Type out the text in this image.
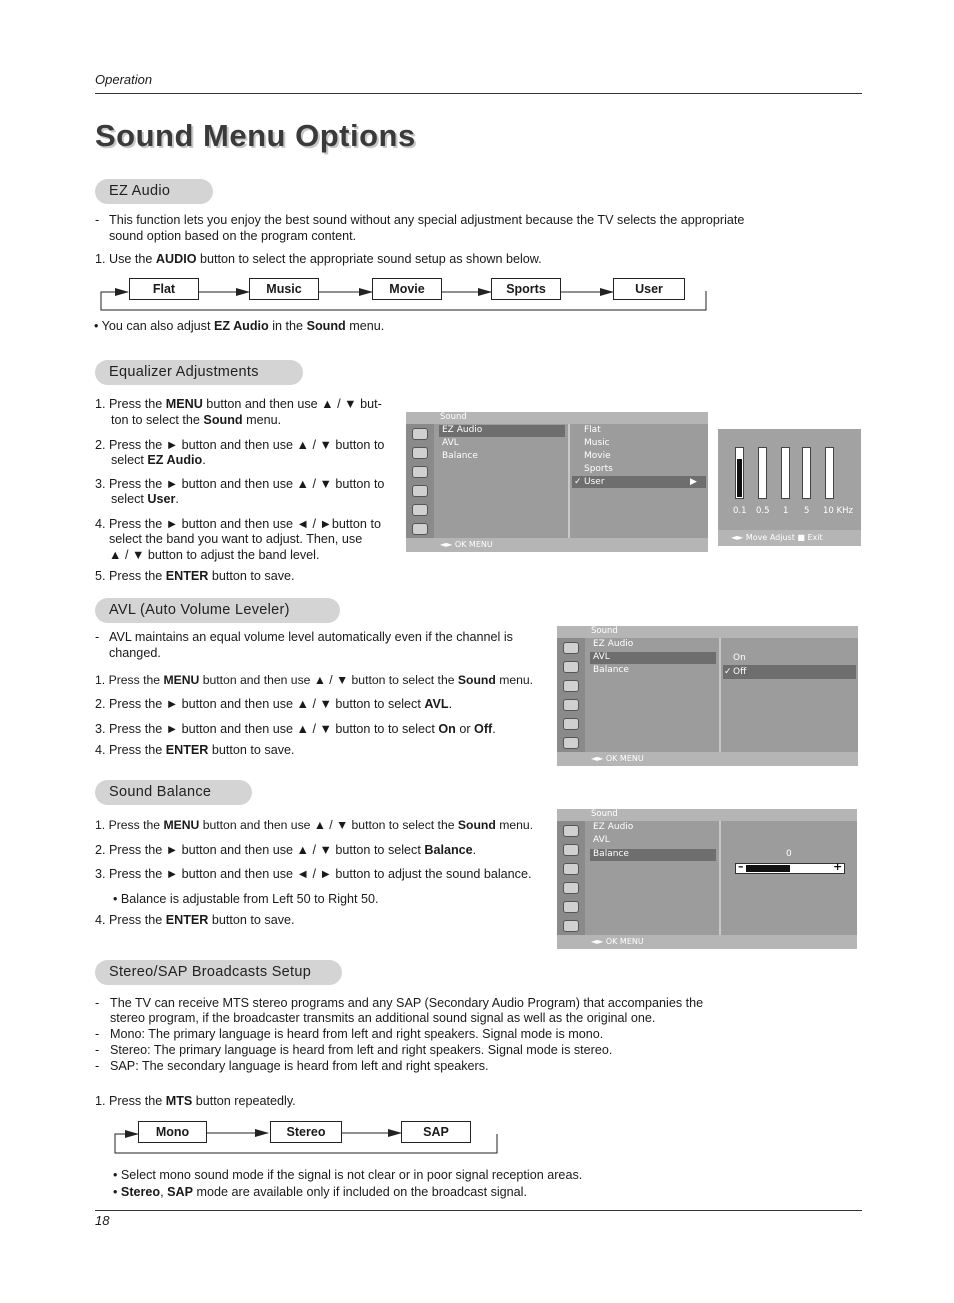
Operation
Sound Menu Options
EZ Audio
- This function lets you enjoy the best sound without any special adjustment because the TV selects the appropriate
sound option based on the program content.
1. Use the AUDIO button to select the appropriate sound setup as shown below.
Flat	Music	Movie	Sports	User
• You can also adjust EZ Audio in the Sound menu.
Equalizer Adjustments
1. Press the MENU button and then use ▲ / ▼ but-
ton to select the Sound menu.
2. Press the ► button and then use ▲ / ▼ button to
select EZ Audio.
3. Press the ► button and then use ▲ / ▼ button to
select User.
4. Press the ► button and then use ◄ / ►button to
select the band you want to adjust. Then, use
▲ / ▼ button to adjust the band level.
5. Press the ENTER button to save.
Sound
EZ Audio
AVL
Balance
Flat
Music
Movie
Sports
✓ User	▶
◄► OK MENU
0.1 0.5 1 5 10 KHz
◄► Move Adjust ■ Exit
AVL (Auto Volume Leveler)
- AVL maintains an equal volume level automatically even if the channel is
changed.
1. Press the MENU button and then use ▲ / ▼ button to select the Sound menu.
2. Press the ► button and then use ▲ / ▼ button to select AVL.
3. Press the ► button and then use ▲ / ▼ button to to select On or Off.
4. Press the ENTER button to save.
Sound
EZ Audio
AVL
Balance
On
✓ Off
◄► OK MENU
Sound Balance
1. Press the MENU button and then use ▲ / ▼ button to select the Sound menu.
2. Press the ► button and then use ▲ / ▼ button to select Balance.
3. Press the ► button and then use ◄ / ► button to adjust the sound balance.
• Balance is adjustable from Left 50 to Right 50.
4. Press the ENTER button to save.
Sound
EZ Audio
AVL
Balance	0
–	+
◄► OK MENU
Stereo/SAP Broadcasts Setup
- The TV can receive MTS stereo programs and any SAP (Secondary Audio Program) that accompanies the
stereo program, if the broadcaster transmits an additional sound signal as well as the original one.
- Mono: The primary language is heard from left and right speakers. Signal mode is mono.
- Stereo: The primary language is heard from left and right speakers. Signal mode is stereo.
- SAP: The secondary language is heard from left and right speakers.
1. Press the MTS button repeatedly.
Mono	Stereo	SAP
• Select mono sound mode if the signal is not clear or in poor signal reception areas.
• Stereo, SAP mode are available only if included on the broadcast signal.
18
